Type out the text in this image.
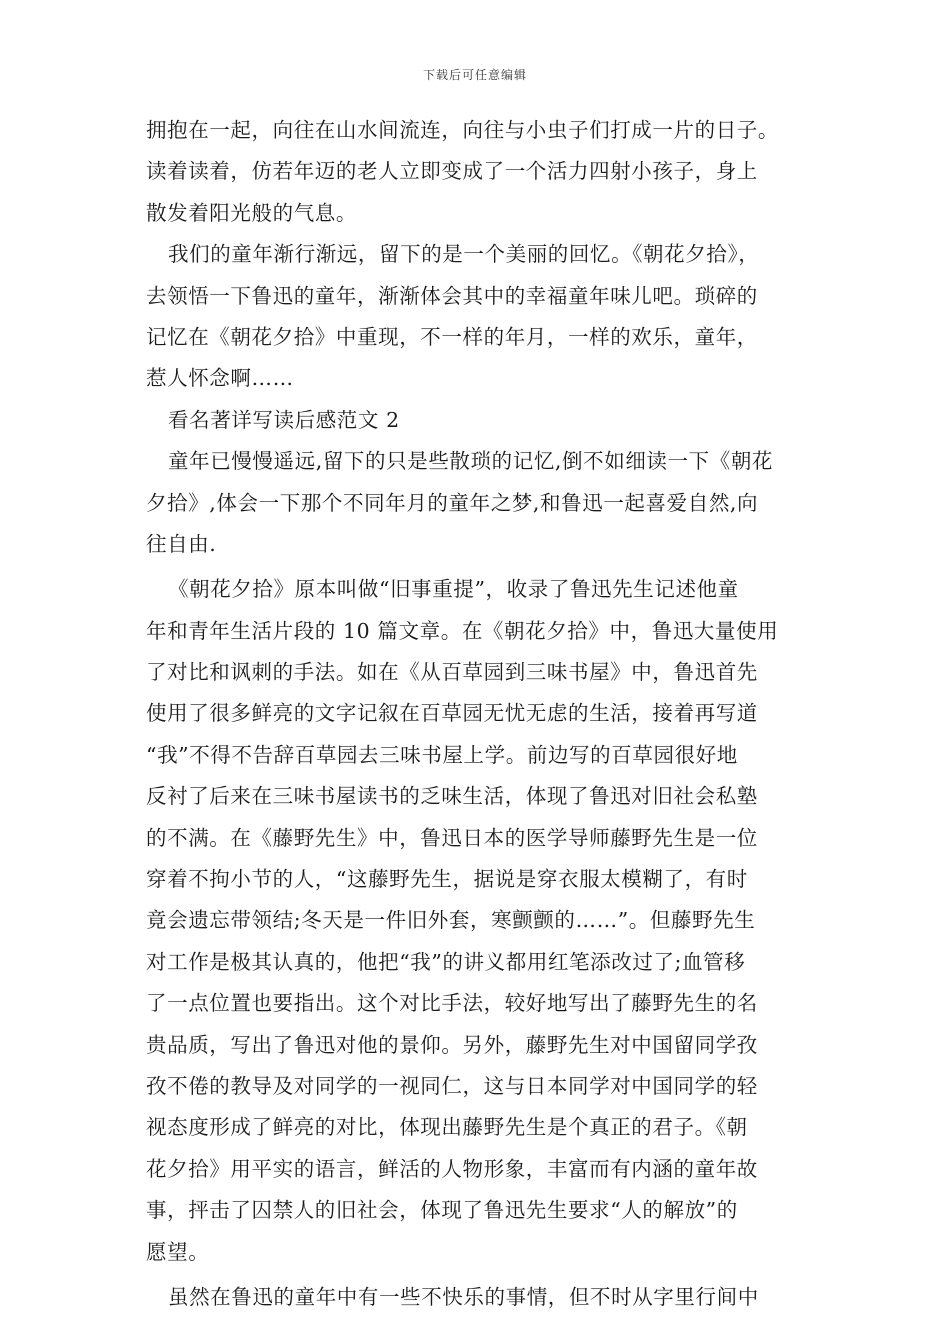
下载后可任意编辑
拥抱在一起，向往在山水间流连，向往与小虫子们打成一片的日子。
读着读着，仿若年迈的老人立即变成了一个活力四射小孩子，身上
散发着阳光般的气息。
我们的童年渐行渐远，留下的是一个美丽的回忆。《朝花夕拾》，
去领悟一下鲁迅的童年，渐渐体会其中的幸福童年味儿吧。琐碎的
记忆在《朝花夕拾》中重现，不一样的年月，一样的欢乐，童年，
惹人怀念啊……
看名著详写读后感范文 2
童年已慢慢遥远,留下的只是些散琐的记忆,倒不如细读一下《朝花
夕拾》,体会一下那个不同年月的童年之梦,和鲁迅一起喜爱自然,向
往自由.
《朝花夕拾》原本叫做“旧事重提”，收录了鲁迅先生记述他童
年和青年生活片段的 10 篇文章。在《朝花夕拾》中，鲁迅大量使用
了对比和讽刺的手法。如在《从百草园到三味书屋》中，鲁迅首先
使用了很多鲜亮的文字记叙在百草园无忧无虑的生活，接着再写道
“我”不得不告辞百草园去三味书屋上学。前边写的百草园很好地
反衬了后来在三味书屋读书的乏味生活，体现了鲁迅对旧社会私塾
的不满。在《藤野先生》中，鲁迅日本的医学导师藤野先生是一位
穿着不拘小节的人，“这藤野先生，据说是穿衣服太模糊了，有时
竟会遗忘带领结;冬天是一件旧外套，寒颤颤的……”。但藤野先生
对工作是极其认真的，他把“我”的讲义都用红笔添改过了;血管移
了一点位置也要指出。这个对比手法，较好地写出了藤野先生的名
贵品质，写出了鲁迅对他的景仰。另外，藤野先生对中国留同学孜
孜不倦的教导及对同学的一视同仁，这与日本同学对中国同学的轻
视态度形成了鲜亮的对比，体现出藤野先生是个真正的君子。《朝
花夕拾》用平实的语言，鲜活的人物形象，丰富而有内涵的童年故
事，抨击了囚禁人的旧社会，体现了鲁迅先生要求“人的解放”的
愿望。
虽然在鲁迅的童年中有一些不快乐的事情，但不时从字里行间中
